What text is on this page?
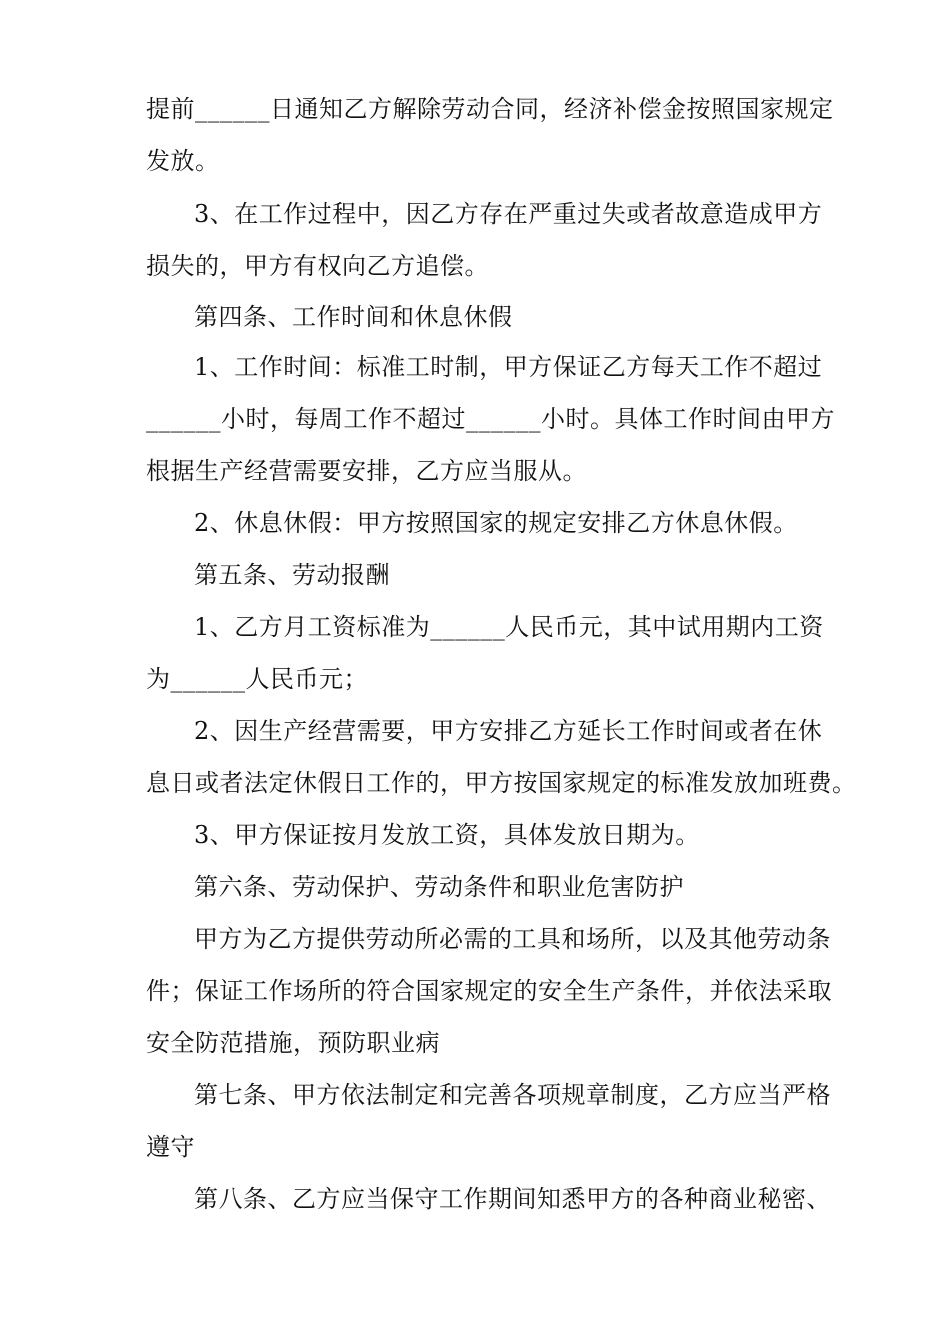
提前______日通知乙方解除劳动合同，经济补偿金按照国家规定
发放。
3、在工作过程中，因乙方存在严重过失或者故意造成甲方
损失的，甲方有权向乙方追偿。
第四条、工作时间和休息休假
1、工作时间：标准工时制，甲方保证乙方每天工作不超过
______小时，每周工作不超过______小时。具体工作时间由甲方
根据生产经营需要安排，乙方应当服从。
2、休息休假：甲方按照国家的规定安排乙方休息休假。
第五条、劳动报酬
1、乙方月工资标准为______人民币元，其中试用期内工资
为______人民币元；
2、因生产经营需要，甲方安排乙方延长工作时间或者在休
息日或者法定休假日工作的，甲方按国家规定的标准发放加班费。
3、甲方保证按月发放工资，具体发放日期为。
第六条、劳动保护、劳动条件和职业危害防护
甲方为乙方提供劳动所必需的工具和场所，以及其他劳动条
件；保证工作场所的符合国家规定的安全生产条件，并依法采取
安全防范措施，预防职业病
第七条、甲方依法制定和完善各项规章制度，乙方应当严格
遵守
第八条、乙方应当保守工作期间知悉甲方的各种商业秘密、
